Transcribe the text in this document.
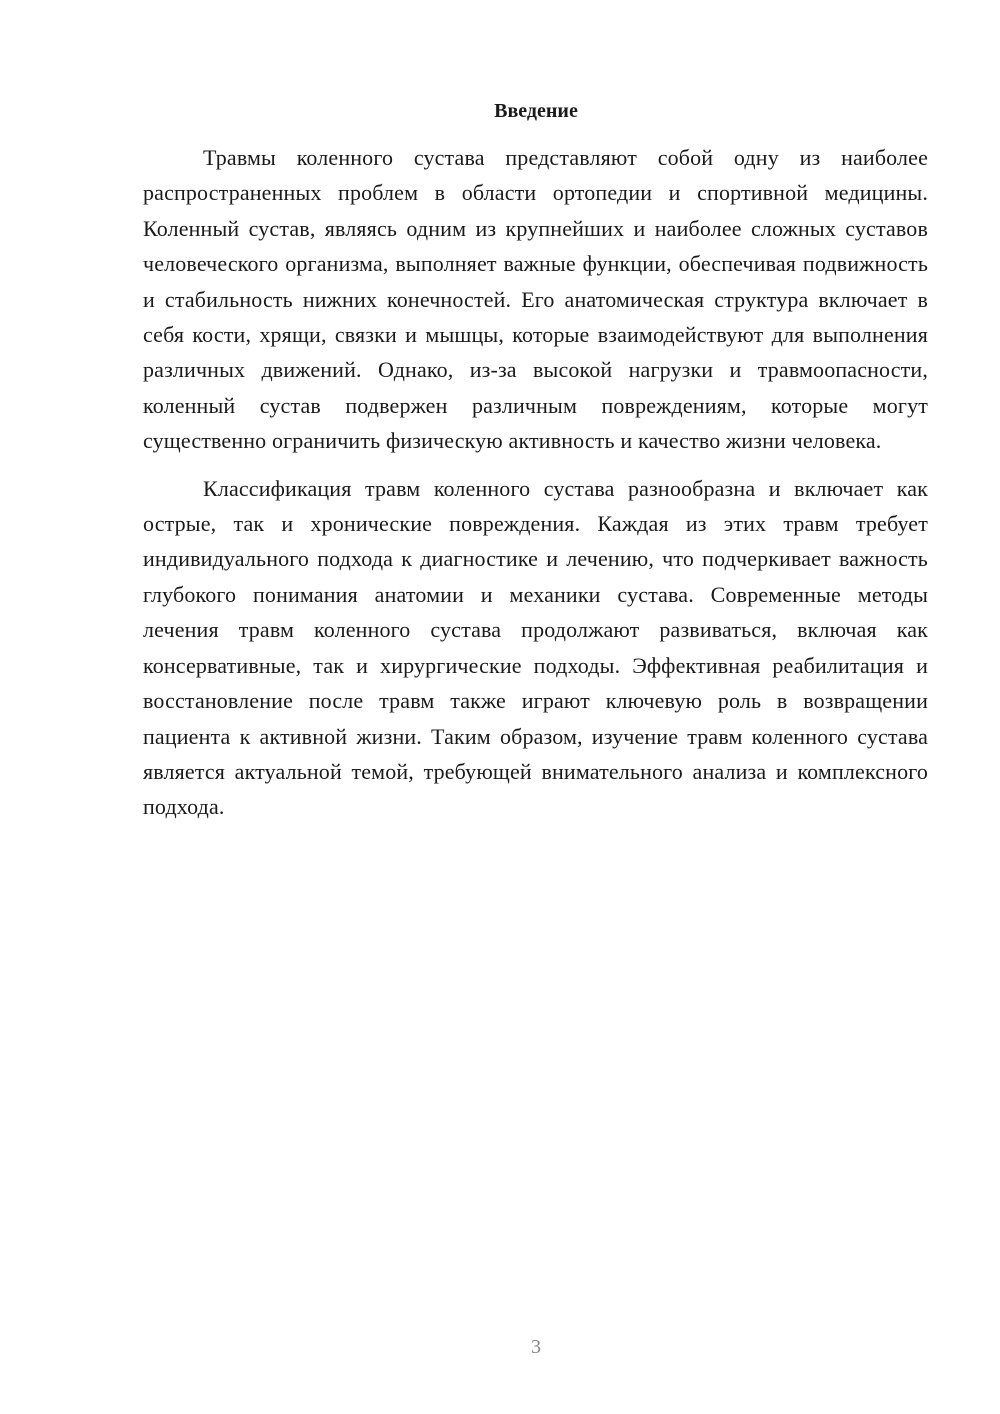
Введение

Травмы коленного сустава представляют собой одну из наиболее распространенных проблем в области ортопедии и спортивной медицины. Коленный сустав, являясь одним из крупнейших и наиболее сложных суставов человеческого организма, выполняет важные функции, обеспечивая подвижность и стабильность нижних конечностей. Его анатомическая структура включает в себя кости, хрящи, связки и мышцы, которые взаимодействуют для выполнения различных движений. Однако, из-за высокой нагрузки и травмоопасности, коленный сустав подвержен различным повреждениям, которые могут существенно ограничить физическую активность и качество жизни человека.

Классификация травм коленного сустава разнообразна и включает как острые, так и хронические повреждения. Каждая из этих травм требует индивидуального подхода к диагностике и лечению, что подчеркивает важность глубокого понимания анатомии и механики сустава. Современные методы лечения травм коленного сустава продолжают развиваться, включая как консервативные, так и хирургические подходы. Эффективная реабилитация и восстановление после травм также играют ключевую роль в возвращении пациента к активной жизни. Таким образом, изучение травм коленного сустава является актуальной темой, требующей внимательного анализа и комплексного подхода.

3
